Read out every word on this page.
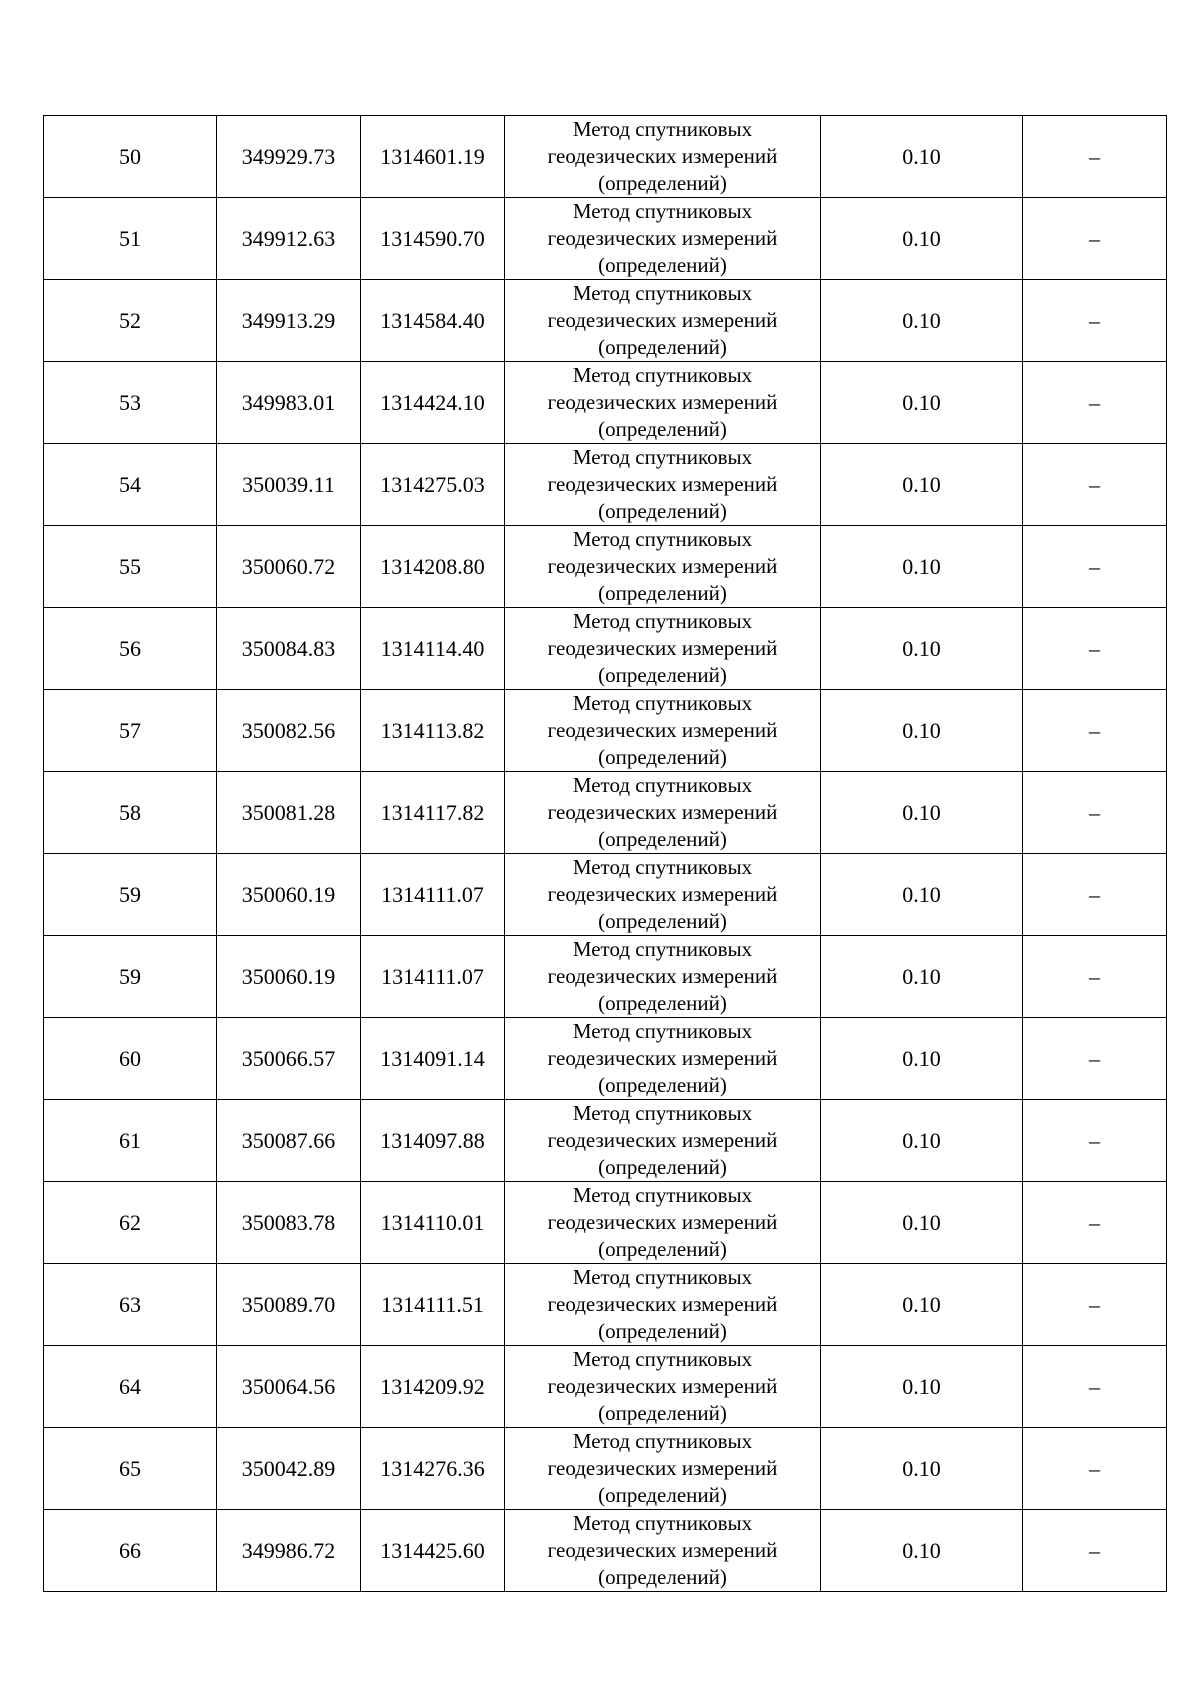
50	349929.73	1314601.19	Метод спутниковых
геодезических измерений
(определений)	0.10	–
51	349912.63	1314590.70	Метод спутниковых
геодезических измерений
(определений)	0.10	–
52	349913.29	1314584.40	Метод спутниковых
геодезических измерений
(определений)	0.10	–
53	349983.01	1314424.10	Метод спутниковых
геодезических измерений
(определений)	0.10	–
54	350039.11	1314275.03	Метод спутниковых
геодезических измерений
(определений)	0.10	–
55	350060.72	1314208.80	Метод спутниковых
геодезических измерений
(определений)	0.10	–
56	350084.83	1314114.40	Метод спутниковых
геодезических измерений
(определений)	0.10	–
57	350082.56	1314113.82	Метод спутниковых
геодезических измерений
(определений)	0.10	–
58	350081.28	1314117.82	Метод спутниковых
геодезических измерений
(определений)	0.10	–
59	350060.19	1314111.07	Метод спутниковых
геодезических измерений
(определений)	0.10	–
59	350060.19	1314111.07	Метод спутниковых
геодезических измерений
(определений)	0.10	–
60	350066.57	1314091.14	Метод спутниковых
геодезических измерений
(определений)	0.10	–
61	350087.66	1314097.88	Метод спутниковых
геодезических измерений
(определений)	0.10	–
62	350083.78	1314110.01	Метод спутниковых
геодезических измерений
(определений)	0.10	–
63	350089.70	1314111.51	Метод спутниковых
геодезических измерений
(определений)	0.10	–
64	350064.56	1314209.92	Метод спутниковых
геодезических измерений
(определений)	0.10	–
65	350042.89	1314276.36	Метод спутниковых
геодезических измерений
(определений)	0.10	–
66	349986.72	1314425.60	Метод спутниковых
геодезических измерений
(определений)	0.10	–
